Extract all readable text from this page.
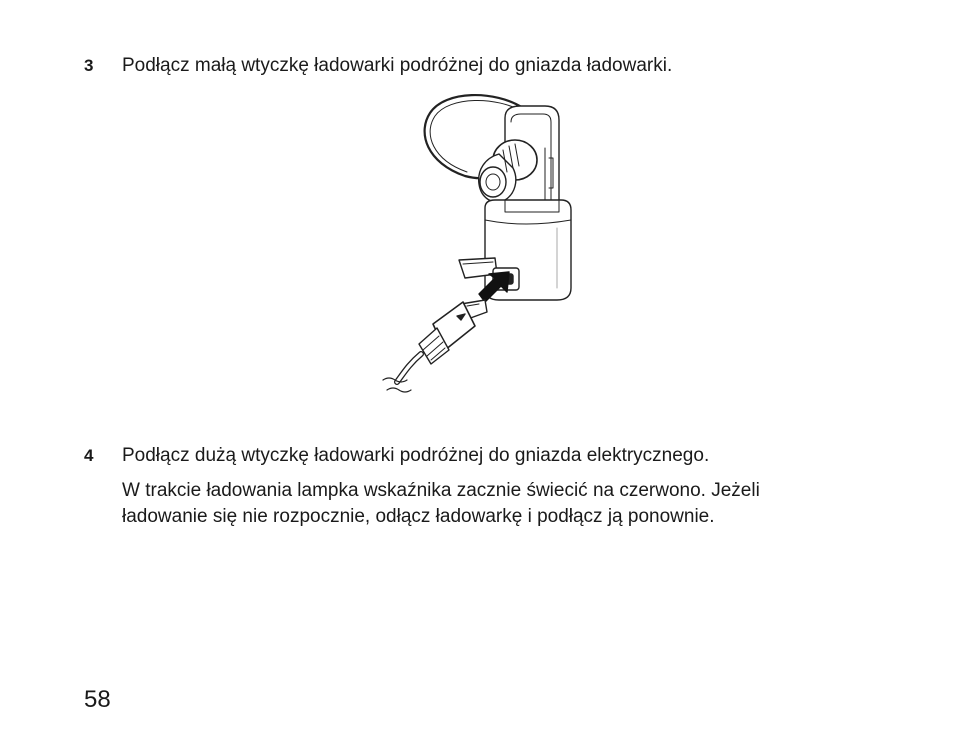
3 Podłącz małą wtyczkę ładowarki podróżnej do gniazda ładowarki.
4 Podłącz dużą wtyczkę ładowarki podróżnej do gniazda elektrycznego.
W trakcie ładowania lampka wskaźnika zacznie świecić na czerwono. Jeżeli
ładowanie się nie rozpocznie, odłącz ładowarkę i podłącz ją ponownie.
58
